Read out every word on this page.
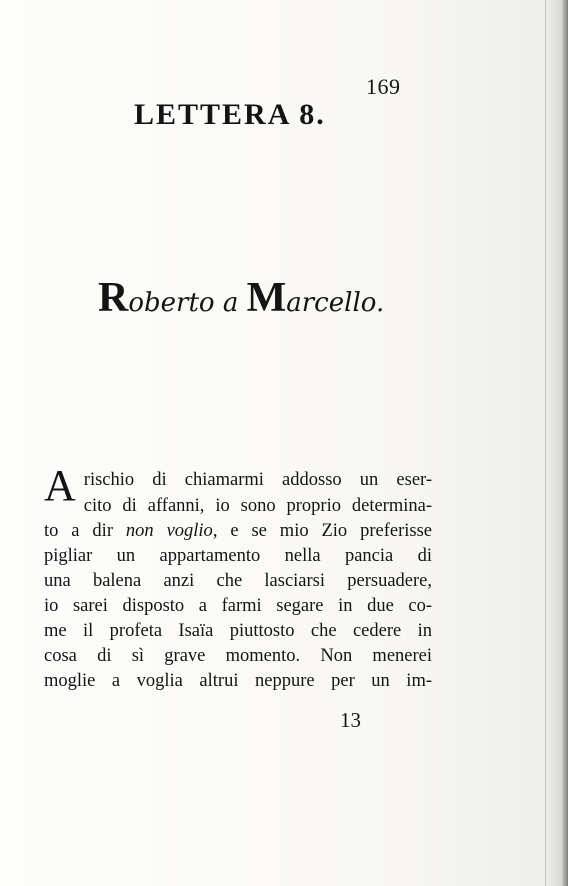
169
LETTERA 8.
Roberto a Marcello.
A rischio di chiamarmi addosso un eser-
cito di affanni, io sono proprio determina-
to a dir non voglio, e se mio Zio preferisse
pigliar un appartamento nella pancia di
una balena anzi che lasciarsi persuadere,
io sarei disposto a farmi segare in due co-
me il profeta Isaïa piuttosto che cedere in
cosa di sì grave momento. Non menerei
moglie a voglia altrui neppure per un im-
13
